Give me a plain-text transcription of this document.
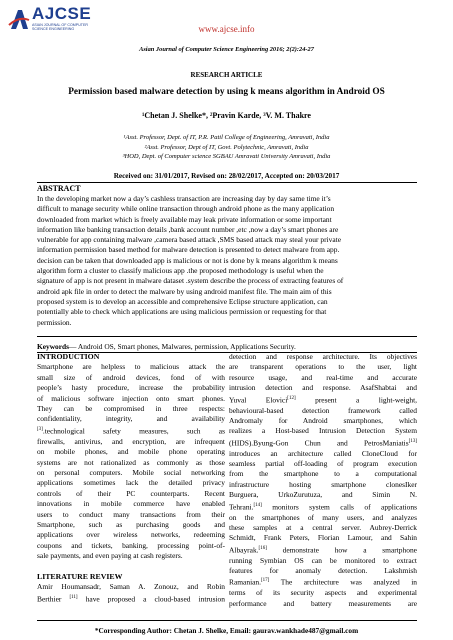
AJCSE
ASIAN JOURNAL OF COMPUTER
SCIENCE ENGINEERING	www.ajcse.info
Asian Journal of Computer Science Engineering 2016; 2(2):24-27
RESEARCH ARTICLE
Permission based malware detection by using k means algorithm in Android OS
¹Chetan J. Shelke*, ²Pravin Karde, ³V. M. Thakre
¹Asst. Professor, Dept. of IT, P.R. Patil College of Engineering, Amravati, India
²Asst. Professor, Dept of IT, Govt. Polytechnic, Amravati, India
³HOD, Dept. of Computer science SGBAU Amravati University Amravati, India
Received on: 31/01/2017, Revised on: 28/02/2017, Accepted on: 20/03/2017
ABSTRACT
In the developing market now a day’s cashless transaction are increasing day by day same time it’s
difficult to manage security while online transaction through android phone as the many application
downloaded from market which is freely available may leak private information or some important
information like banking transaction details ,bank account number ,etc ,now a day’s smart phones are
vulnerable for app containing malware ,camera based attack ,SMS based attack may steal your private
information permission based method for malware detection is presented to detect malware from app.
decision can be taken that downloaded app is malicious or not is done by k means algorithm k means
algorithm form a cluster to classify malicious app .the proposed methodology is useful when the
signature of app is not present in malware dataset .system describe the process of extracting features of
android apk file in order to detect the malware by using android manifest file. The main aim of this
proposed system is to develop an accessible and comprehensive Eclipse structure application, can
potentially able to check which applications are using malicious permission or requesting for that
permission.
Keywords— Android OS, Smart phones, Malwares, permission, Applications Security.
INTRODUCTION
Smartphone are helpless to malicious attack the
small size of android devices, fond of with
people’s hasty procedure, increase the probability
of malicious software injection onto smart phones.
They can be compromised in three respects:
confidentiality, integrity, and availability
[3].technological safety measures, such as
firewalls, antivirus, and encryption, are infrequent
on mobile phones, and mobile phone operating
systems are not rationalized as commonly as those
on personal computers. Mobile social networking
applications sometimes lack the detailed privacy
controls of their PC counterparts. Recent
innovations in mobile commerce have enabled
users to conduct many transactions from their
Smartphone, such as purchasing goods and
applications over wireless networks, redeeming
coupons and tickets, banking, processing point-of-
sale payments, and even paying at cash registers.
LITERATURE REVIEW
Amir Houmansadr, Saman A. Zonouz, and Robin
Berthier [11] have proposed a cloud-based intrusion
detection and response architecture. Its objectives
are transparent operations to the user, light
resource usage, and real-time and accurate
intrusion detection and response. AsafShabtai and
Yuval Elovici[12] present a light-weight,
behavioural-based detection framework called
Andromaly for Android smartphones, which
realizes a Host-based Intrusion Detection System
(HIDS).Byung-Gon Chun and PetrosManiatis[13]
introduces an architecture called CloneCloud for
seamless partial off-loading of program execution
from the smartphone to a computational
infrastructure hosting smartphone clonesIker
Burguera, UrkoZurutuza, and Simin N.
Tehrani.[14] monitors system calls of applications
on the smartphones of many users, and analyzes
these samples at a central server. Aubrey-Derrick
Schmidt, Frank Peters, Florian Lamour, and Sahin
Albayrak.[16] demonstrate how a smartphone
running Symbian OS can be monitored to extract
features for anomaly detection. Lakshmish
Ramanian.[17] The architecture was analyzed in
terms of its security aspects and experimental
performance and battery measurements are
*Corresponding Author: Chetan J. Shelke, Email: gaurav.wankhade487@gmail.com
